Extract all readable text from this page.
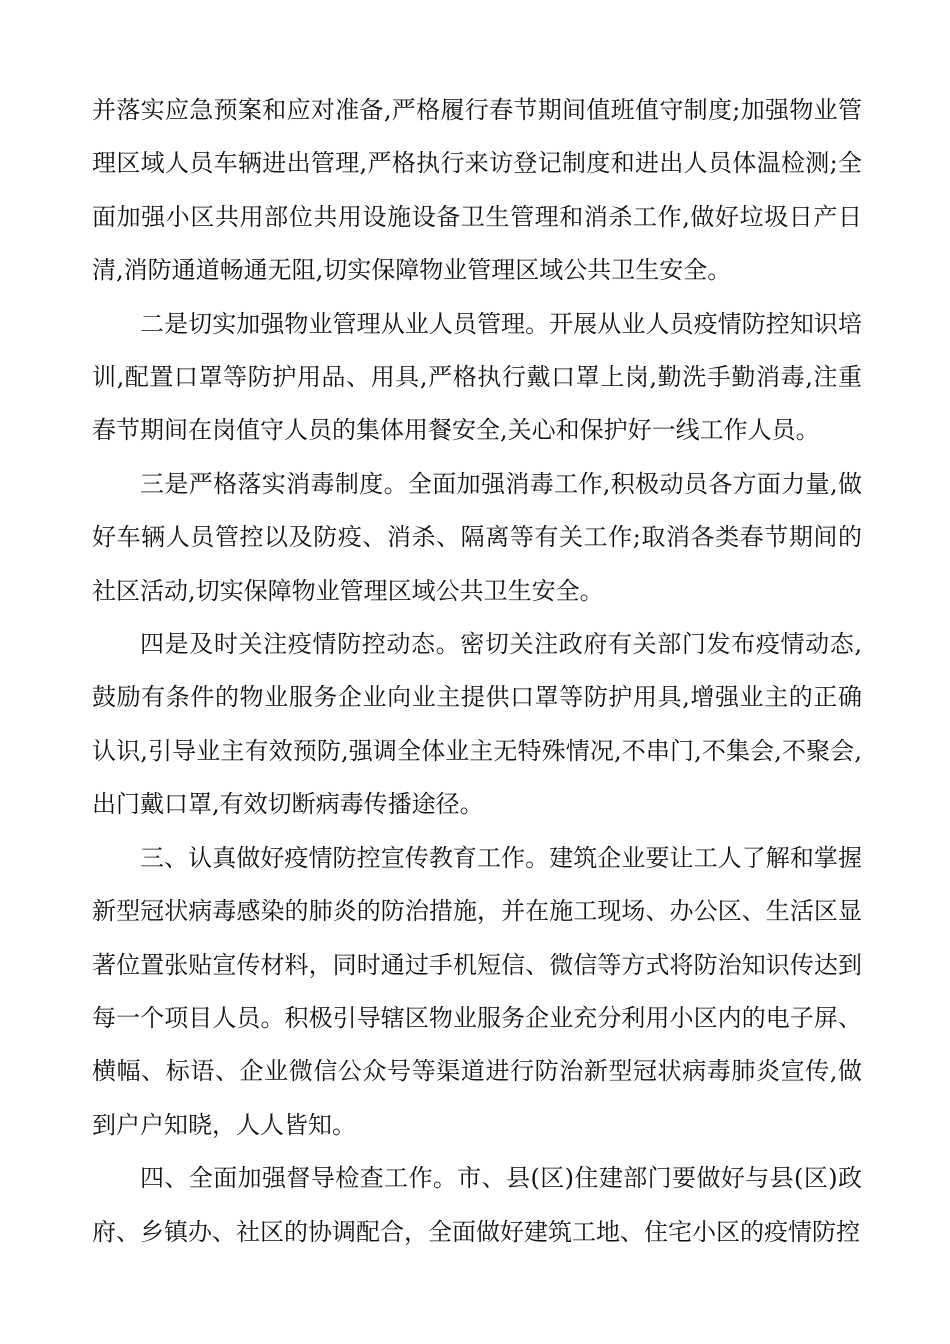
并落实应急预案和应对准备,严格履行春节期间值班值守制度;加强物业管理区域人员车辆进出管理,严格执行来访登记制度和进出人员体温检测;全面加强小区共用部位共用设施设备卫生管理和消杀工作,做好垃圾日产日清,消防通道畅通无阻,切实保障物业管理区域公共卫生安全。

二是切实加强物业管理从业人员管理。开展从业人员疫情防控知识培训,配置口罩等防护用品、用具,严格执行戴口罩上岗,勤洗手勤消毒,注重春节期间在岗值守人员的集体用餐安全,关心和保护好一线工作人员。

三是严格落实消毒制度。全面加强消毒工作,积极动员各方面力量,做好车辆人员管控以及防疫、消杀、隔离等有关工作;取消各类春节期间的社区活动,切实保障物业管理区域公共卫生安全。

四是及时关注疫情防控动态。密切关注政府有关部门发布疫情动态,鼓励有条件的物业服务企业向业主提供口罩等防护用具,增强业主的正确认识,引导业主有效预防,强调全体业主无特殊情况,不串门,不集会,不聚会,出门戴口罩,有效切断病毒传播途径。

三、认真做好疫情防控宣传教育工作。建筑企业要让工人了解和掌握新型冠状病毒感染的肺炎的防治措施，并在施工现场、办公区、生活区显著位置张贴宣传材料，同时通过手机短信、微信等方式将防治知识传达到每一个项目人员。积极引导辖区物业服务企业充分利用小区内的电子屏、横幅、标语、企业微信公众号等渠道进行防治新型冠状病毒肺炎宣传,做到户户知晓，人人皆知。

四、全面加强督导检查工作。市、县(区)住建部门要做好与县(区)政府、乡镇办、社区的协调配合，全面做好建筑工地、住宅小区的疫情防控
